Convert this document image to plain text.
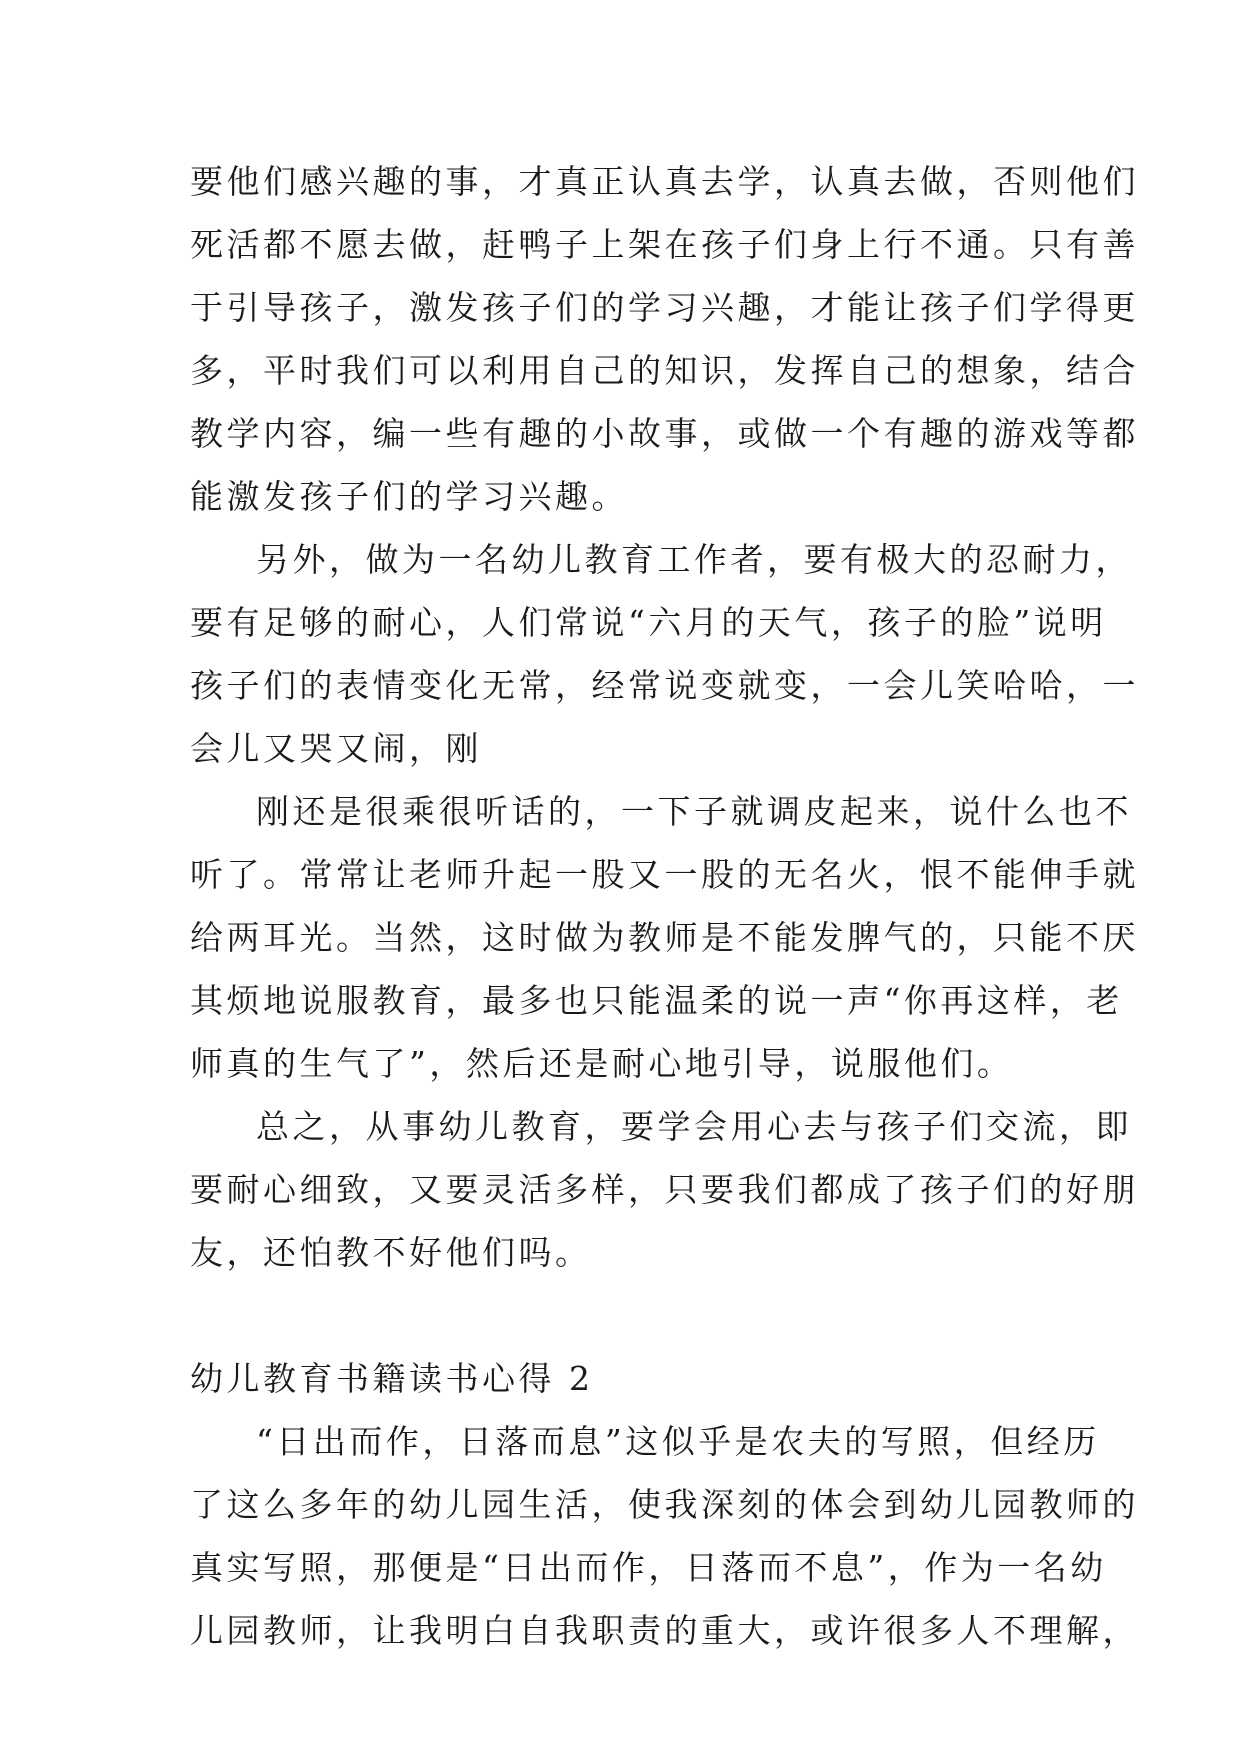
要他们感兴趣的事，才真正认真去学，认真去做，否则他们
死活都不愿去做，赶鸭子上架在孩子们身上行不通。只有善
于引导孩子，激发孩子们的学习兴趣，才能让孩子们学得更
多，平时我们可以利用自己的知识，发挥自己的想象，结合
教学内容，编一些有趣的小故事，或做一个有趣的游戏等都
能激发孩子们的学习兴趣。
另外，做为一名幼儿教育工作者，要有极大的忍耐力，
要有足够的耐心，人们常说“六月的天气，孩子的脸”说明
孩子们的表情变化无常，经常说变就变，一会儿笑哈哈，一
会儿又哭又闹，刚
刚还是很乘很听话的，一下子就调皮起来，说什么也不
听了。常常让老师升起一股又一股的无名火，恨不能伸手就
给两耳光。当然，这时做为教师是不能发脾气的，只能不厌
其烦地说服教育，最多也只能温柔的说一声“你再这样，老
师真的生气了”，然后还是耐心地引导，说服他们。
总之，从事幼儿教育，要学会用心去与孩子们交流，即
要耐心细致，又要灵活多样，只要我们都成了孩子们的好朋
友，还怕教不好他们吗。
幼儿教育书籍读书心得 2
“日出而作，日落而息”这似乎是农夫的写照，但经历
了这么多年的幼儿园生活，使我深刻的体会到幼儿园教师的
真实写照，那便是“日出而作，日落而不息”，作为一名幼
儿园教师，让我明白自我职责的重大，或许很多人不理解，
